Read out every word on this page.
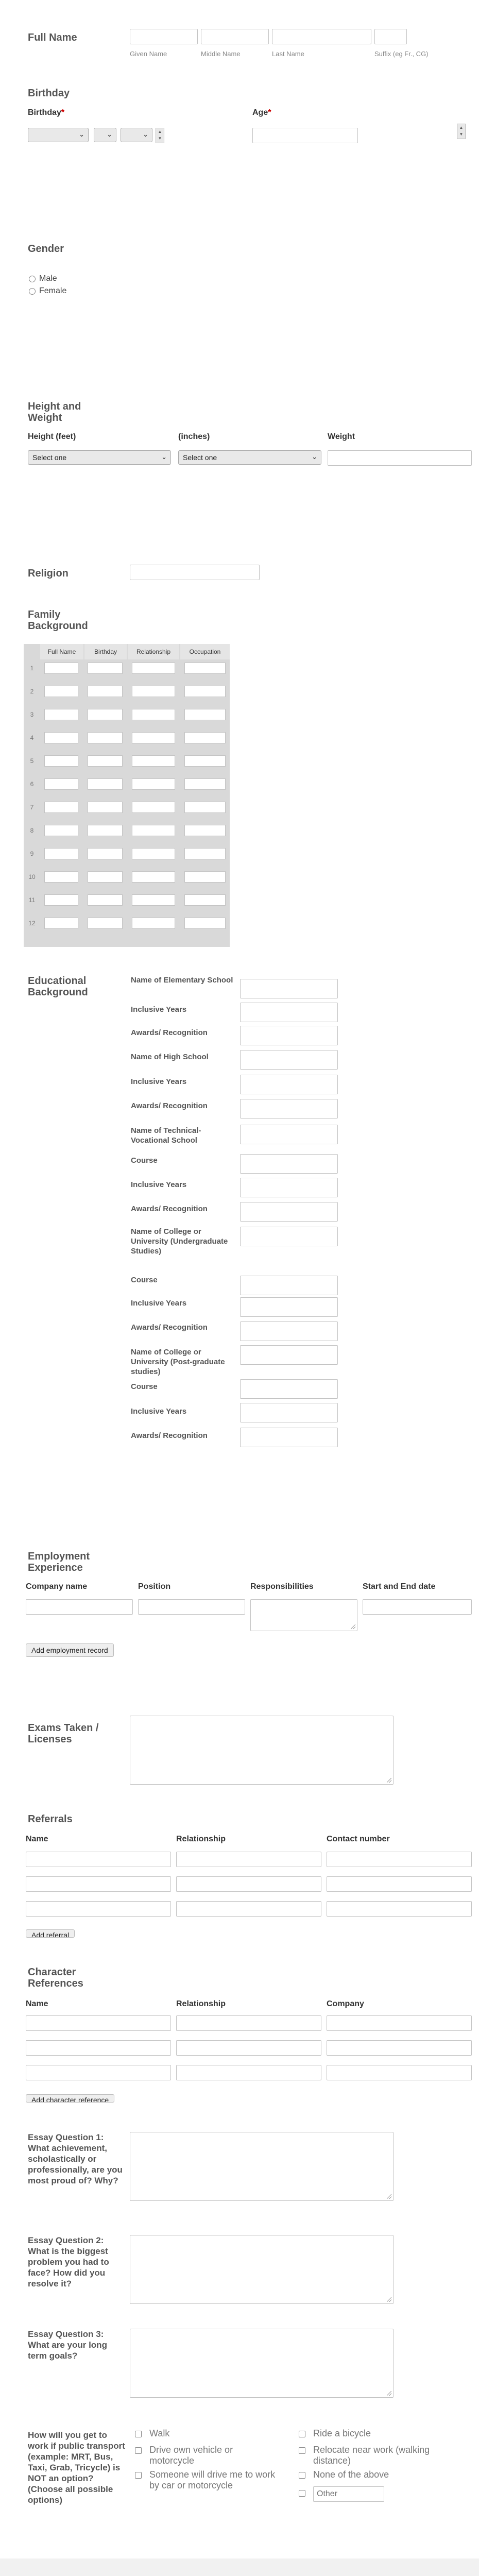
Full Name
Given Name	Middle Name	Last Name	Suffix (eg Fr., CG)
Birthday
Birthday*
⌄	⌄	⌄	▲
▼
Age*
▲
▼
Gender
Male
Female
Height and Weight
Height (feet)	(inches)	Weight
Select one	⌄	Select one	⌄
Religion
Family Background
Full Name	Birthday	Relationship	Occupation
1
2
3
4
5
6
7
8
9
10
11
12
Educational Background
Name of Elementary School
Inclusive Years
Awards/ Recognition
Name of High School
Inclusive Years
Awards/ Recognition
Name of Technical-Vocational School
Course
Inclusive Years
Awards/ Recognition
Name of College or University (Undergraduate Studies)
Course
Inclusive Years
Awards/ Recognition
Name of College or University (Post-graduate studies)
Course
Inclusive Years
Awards/ Recognition
Employment Experience
Company name	Position	Responsibilities	Start and End date
Add employment record
Exams Taken / Licenses
Referrals
Name	Relationship	Contact number
Add referral
Character References
Name	Relationship	Company
Add character reference
Essay Question 1: What achievement, scholastically or professionally, are you most proud of? Why?
Essay Question 2: What is the biggest problem you had to face? How did you resolve it?
Essay Question 3: What are your long term goals?
How will you get to work if public transport (example: MRT, Bus, Taxi, Grab, Tricycle) is NOT an option? (Choose all possible options)
Walk
Drive own vehicle or motorcycle
Someone will drive me to work by car or motorcycle
Ride a bicycle
Relocate near work (walking distance)
None of the above
Other
